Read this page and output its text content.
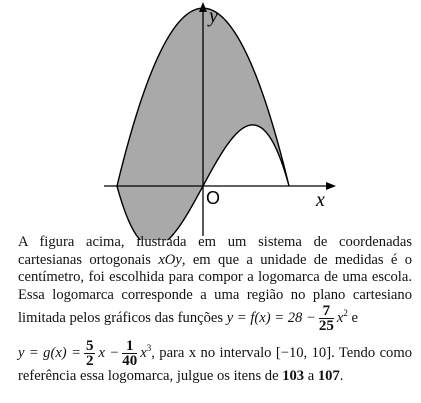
y
x
O

A figura acima, ilustrada em um sistema de coordenadas cartesianas ortogonais xOy, em que a unidade de medidas é o centímetro, foi escolhida para compor a logomarca de uma escola. Essa logomarca corresponde a uma região no plano cartesiano limitada pelos gráficos das funções $y = f(x) = 28 - \frac{7}{25} x^2$ e

$y = g(x) = \frac{5}{2}$ $x - \frac{1}{40} x^3$, para x no intervalo [−10, 10]. Tendo como referência essa logomarca, julgue os itens de 103 a 107.
